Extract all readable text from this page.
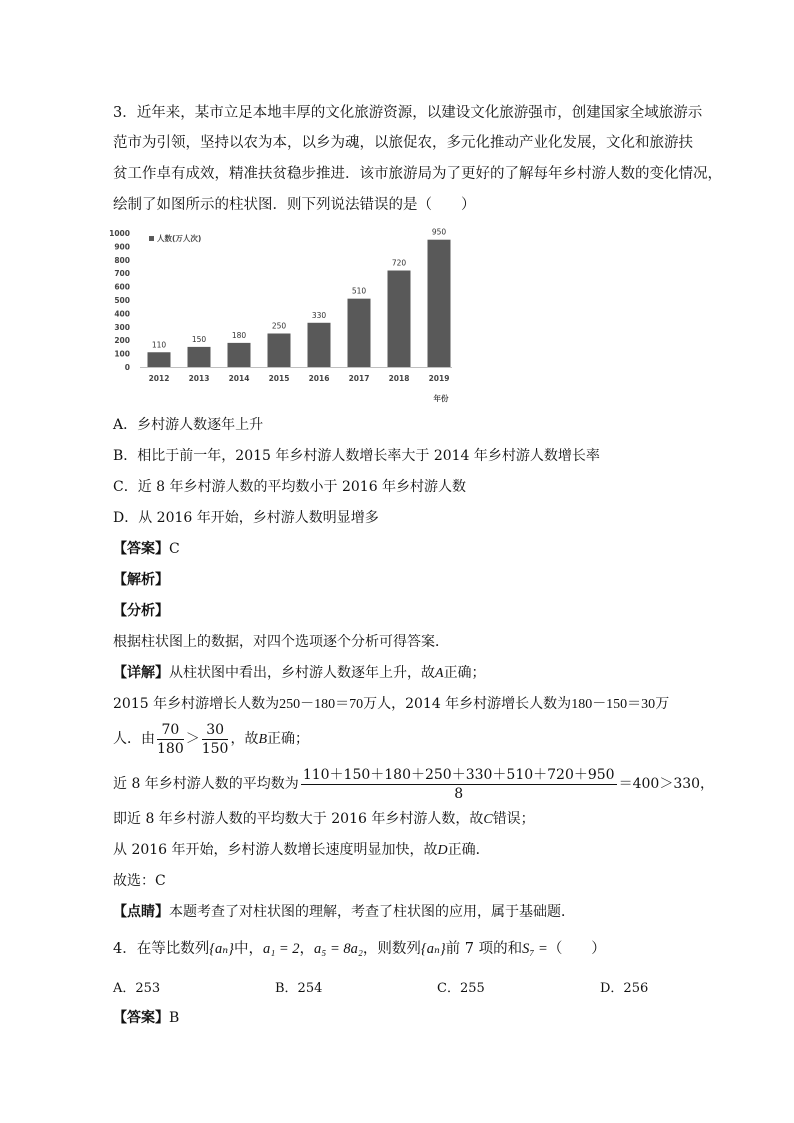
3．近年来，某市立足本地丰厚的文化旅游资源，以建设文化旅游强市，创建国家全域旅游示
范市为引领，坚持以农为本，以乡为魂，以旅促农，多元化推动产业化发展，文化和旅游扶
贫工作卓有成效，精准扶贫稳步推进．该市旅游局为了更好的了解每年乡村游人数的变化情况，
绘制了如图所示的柱状图．则下列说法错误的是（　　）
0
100
200
300
400
500
600
700
800
900
1000
110
150	180
250
330
510
720
950
2012	2013	2014	2015	2016	2017	2018	2019
人数(万人次)
年份
A．乡村游人数逐年上升
B．相比于前一年，2015 年乡村游人数增长率大于 2014 年乡村游人数增长率
C．近 8 年乡村游人数的平均数小于 2016 年乡村游人数
D．从 2016 年开始，乡村游人数明显增多
【答案】C
【解析】
【分析】
根据柱状图上的数据，对四个选项逐个分析可得答案．
【详解】从柱状图中看出，乡村游人数逐年上升，故A正确；
2015 年乡村游增长人数为250－180＝70万人，2014 年乡村游增长人数为180－150＝30万
人．由 $\frac{70}{180} > \frac{30}{150}$ ，故B正确；
近 8 年乡村游人数的平均数为 $\frac{110+150+180+250+330+510+720+950}{8} =400>330$，
即近 8 年乡村游人数的平均数大于 2016 年乡村游人数，故C错误；
从 2016 年开始，乡村游人数增长速度明显加快，故D正确．
故选：C
【点睛】本题考查了对柱状图的理解，考查了柱状图的应用，属于基础题．
4．在等比数列{aₙ}中，a₁ = 2，a₅ = 8a₂，则数列{aₙ}前 7 项的和S₇ =（　　）
A．253	B．254	C．255	D．256
【答案】B
